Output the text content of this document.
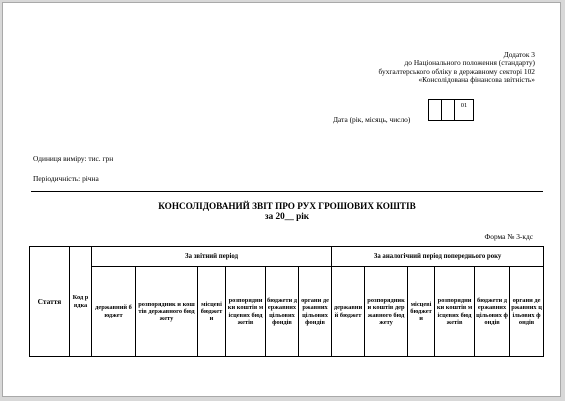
Додаток 3
до Національного положення (стандарту)
бухгалтерського обліку в державному секторі 102
«Консолідована фінансова звітність»
01
Дата (рік, місяць, число)
Одиниця виміру: тис. грн
Періодичність: річна
КОНСОЛІДОВАНИЙ ЗВІТ ПРО РУХ ГРОШОВИХ КОШТІВ
за 20__ рік
Форма № 3-кдс
Стаття	Код рядка	За звітний період						За аналогічний період попереднього року					
		державний бюджет	розпорядник и коштів державного бюджету	місцеві бюджети	розпорядники коштів місцевих бюджетів	бюджети державних цільових фондів	органи державних цільових фондів	державний бюджет	розпорядники коштів державного бюджету	місцеві бюджети	розпорядники коштів місцевих бюджетів	бюджети державних цільових фондів	органи державних цільових фондів
